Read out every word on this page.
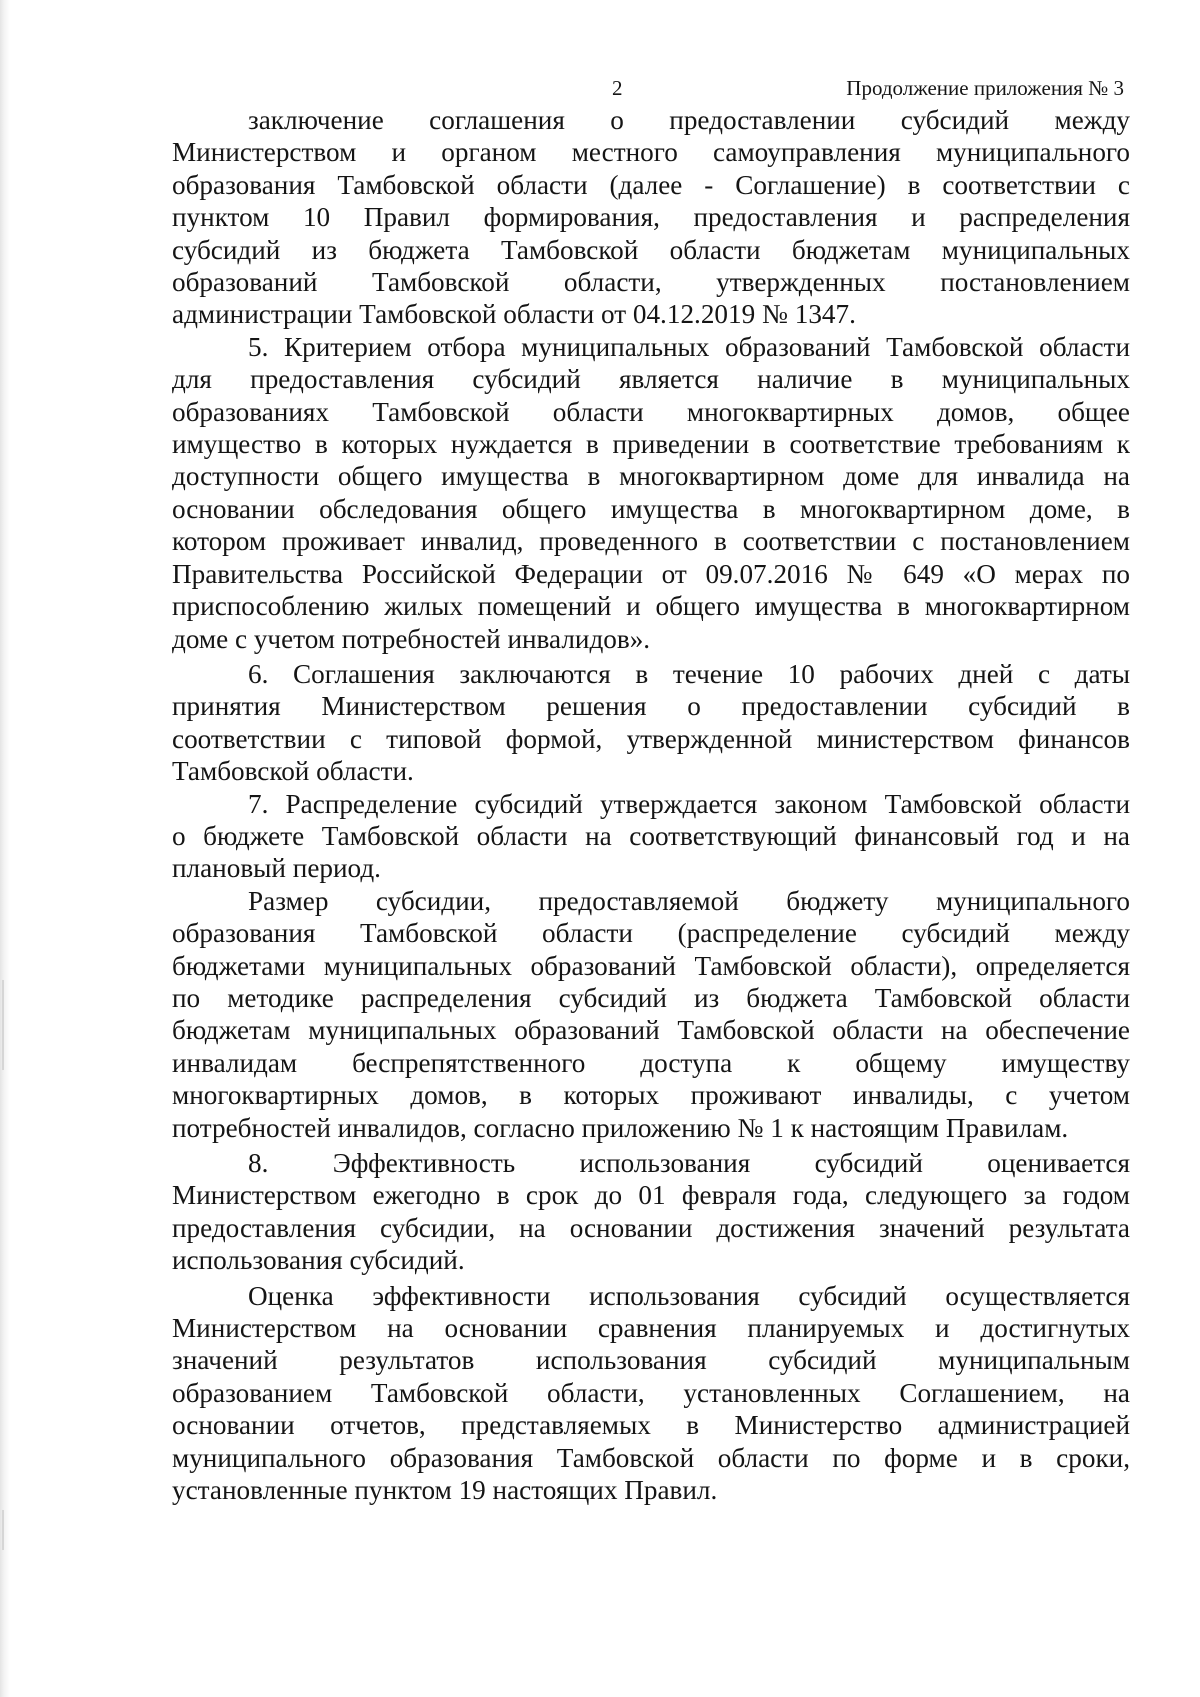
2	Продолжение приложения № 3
заключение соглашения о предоставлении субсидий между
Министерством и органом местного самоуправления муниципального
образования Тамбовской области (далее - Соглашение) в соответствии с
пунктом 10 Правил формирования, предоставления и распределения
субсидий из бюджета Тамбовской области бюджетам муниципальных
образований Тамбовской области, утвержденных постановлением
администрации Тамбовской области от 04.12.2019 № 1347.
5. Критерием отбора муниципальных образований Тамбовской области
для предоставления субсидий является наличие в муниципальных
образованиях Тамбовской области многоквартирных домов, общее
имущество в которых нуждается в приведении в соответствие требованиям к
доступности общего имущества в многоквартирном доме для инвалида на
основании обследования общего имущества в многоквартирном доме, в
котором проживает инвалид, проведенного в соответствии с постановлением
Правительства Российской Федерации от 09.07.2016 № 649 «О мерах по
приспособлению жилых помещений и общего имущества в многоквартирном
доме с учетом потребностей инвалидов».
6. Соглашения заключаются в течение 10 рабочих дней с даты
принятия Министерством решения о предоставлении субсидий в
соответствии с типовой формой, утвержденной министерством финансов
Тамбовской области.
7. Распределение субсидий утверждается законом Тамбовской области
о бюджете Тамбовской области на соответствующий финансовый год и на
плановый период.
Размер субсидии, предоставляемой бюджету муниципального
образования Тамбовской области (распределение субсидий между
бюджетами муниципальных образований Тамбовской области), определяется
по методике распределения субсидий из бюджета Тамбовской области
бюджетам муниципальных образований Тамбовской области на обеспечение
инвалидам беспрепятственного доступа к общему имуществу
многоквартирных домов, в которых проживают инвалиды, с учетом
потребностей инвалидов, согласно приложению № 1 к настоящим Правилам.
8. Эффективность использования субсидий оценивается
Министерством ежегодно в срок до 01 февраля года, следующего за годом
предоставления субсидии, на основании достижения значений результата
использования субсидий.
Оценка эффективности использования субсидий осуществляется
Министерством на основании сравнения планируемых и достигнутых
значений результатов использования субсидий муниципальным
образованием Тамбовской области, установленных Соглашением, на
основании отчетов, представляемых в Министерство администрацией
муниципального образования Тамбовской области по форме и в сроки,
установленные пунктом 19 настоящих Правил.
